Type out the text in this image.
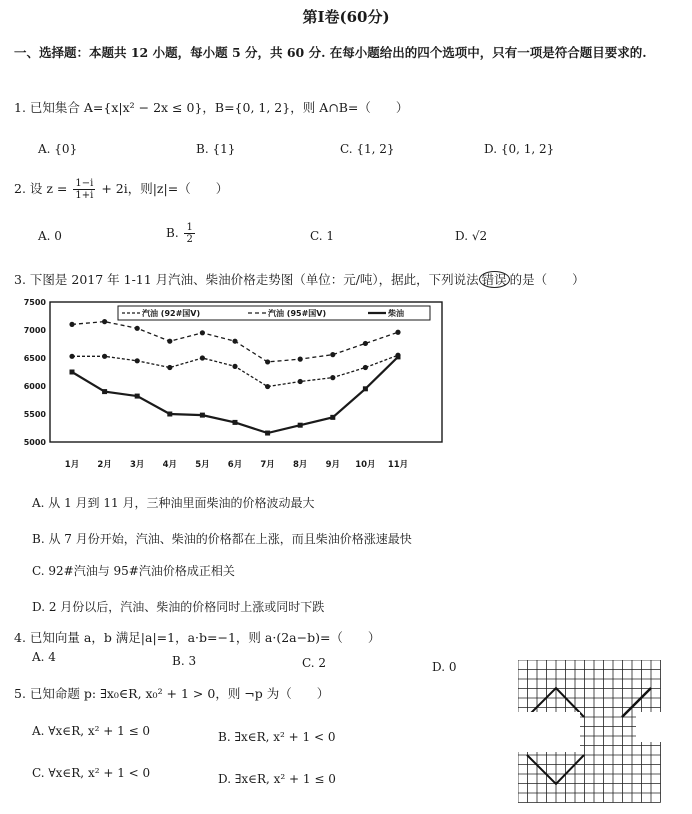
第Ⅰ卷(60分)
一、选择题：本题共 12 小题，每小题 5 分，共 60 分. 在每小题给出的四个选项中，只有一项是符合题目要求的.
1. 已知集合 A={x|x² − 2x ≤ 0}，B={0, 1, 2}，则 A∩B=（　　）
A. {0}	B. {1}	C. {1, 2}	D. {0, 1, 2}
2. 设 $z = \frac{1-i}{1+i} + 2i$，则|z|=（　　）
A. 0	B. $\frac{1}{2}$	C. 1	D. √2
3. 下图是 2017 年 1-11 月汽油、柴油价格走势图（单位：元/吨），据此，下列说法 错误 的是（　　）
5000
5500
6000
6500
7000
7500
1月 2月 3月 4月 5月 6月 7月 8月 9月 10月 11月
汽油 (92#国V)	汽油 (95#国V)	柴油
A. 从 1 月到 11 月，三种油里面柴油的价格波动最大
B. 从 7 月份开始，汽油、柴油的价格都在上涨，而且柴油价格涨速最快
C. 92#汽油与 95#汽油价格成正相关
D. 2 月份以后，汽油、柴油的价格同时上涨或同时下跌
4. 已知向量 a，b 满足|a|=1，a·b=−1，则 a·(2a−b)=（　　）
A. 4	B. 3	C. 2	D. 0
5. 已知命题 p: ∃x₀∈R, x₀² + 1 > 0，则 ¬p 为（　　）
A. ∀x∈R, x² + 1 ≤ 0	B. ∃x∈R, x² + 1 < 0
C. ∀x∈R, x² + 1 < 0	D. ∃x∈R, x² + 1 ≤ 0
